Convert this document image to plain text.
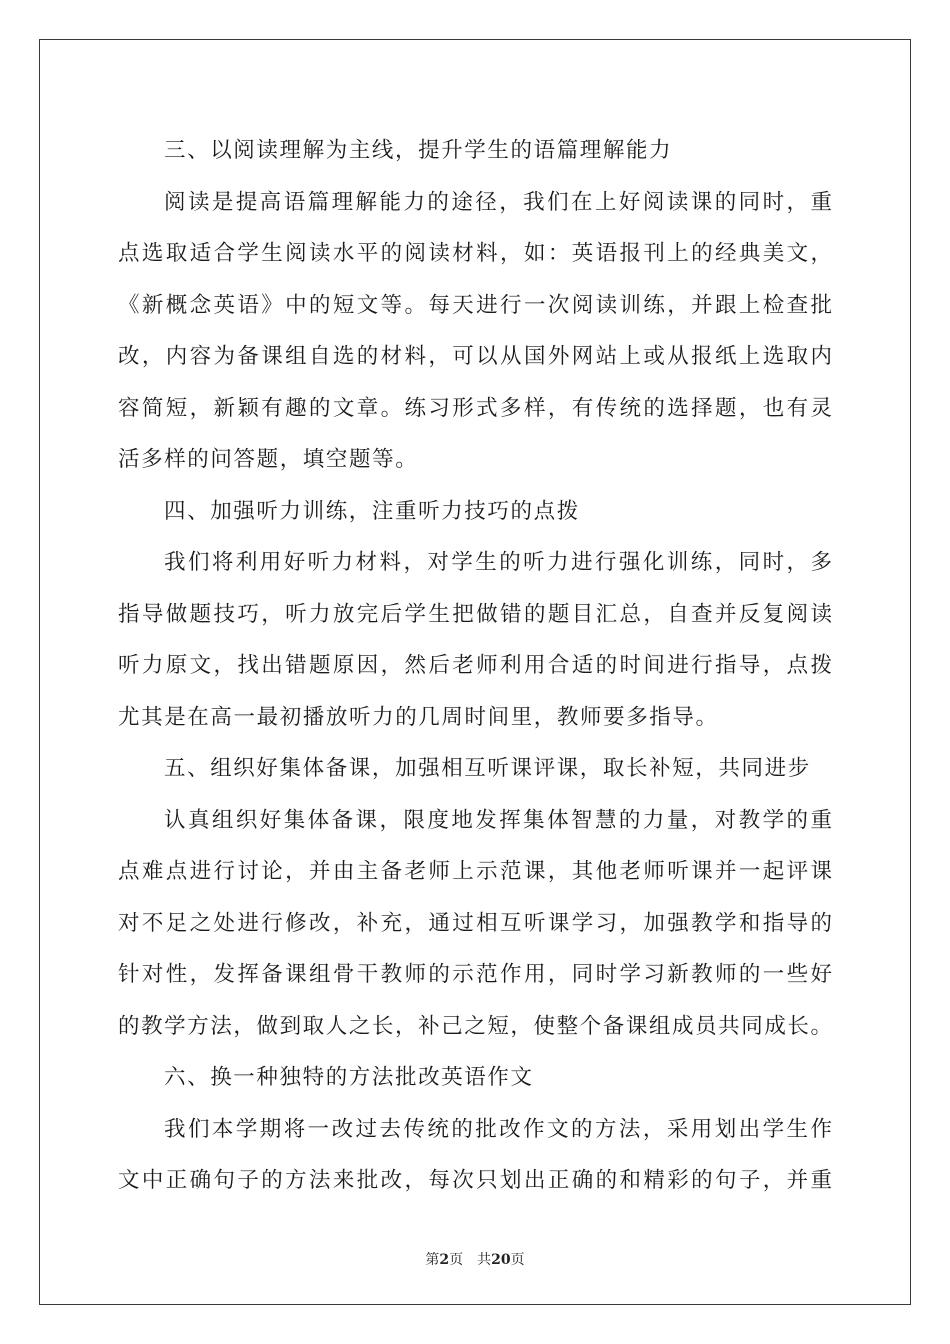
三、以阅读理解为主线，提升学生的语篇理解能力
阅读是提高语篇理解能力的途径，我们在上好阅读课的同时，重
点选取适合学生阅读水平的阅读材料，如：英语报刊上的经典美文，
《新概念英语》中的短文等。每天进行一次阅读训练，并跟上检查批
改，内容为备课组自选的材料，可以从国外网站上或从报纸上选取内
容简短，新颖有趣的文章。练习形式多样，有传统的选择题，也有灵
活多样的问答题，填空题等。
四、加强听力训练，注重听力技巧的点拨
我们将利用好听力材料，对学生的听力进行强化训练，同时，多
指导做题技巧，听力放完后学生把做错的题目汇总，自查并反复阅读
听力原文，找出错题原因，然后老师利用合适的时间进行指导，点拨
尤其是在高一最初播放听力的几周时间里，教师要多指导。
五、组织好集体备课，加强相互听课评课，取长补短，共同进步
认真组织好集体备课，限度地发挥集体智慧的力量，对教学的重
点难点进行讨论，并由主备老师上示范课，其他老师听课并一起评课
对不足之处进行修改，补充，通过相互听课学习，加强教学和指导的
针对性，发挥备课组骨干教师的示范作用，同时学习新教师的一些好
的教学方法，做到取人之长，补己之短，使整个备课组成员共同成长。
六、换一种独特的方法批改英语作文
我们本学期将一改过去传统的批改作文的方法，采用划出学生作
文中正确句子的方法来批改，每次只划出正确的和精彩的句子，并重
第2页 共20页
